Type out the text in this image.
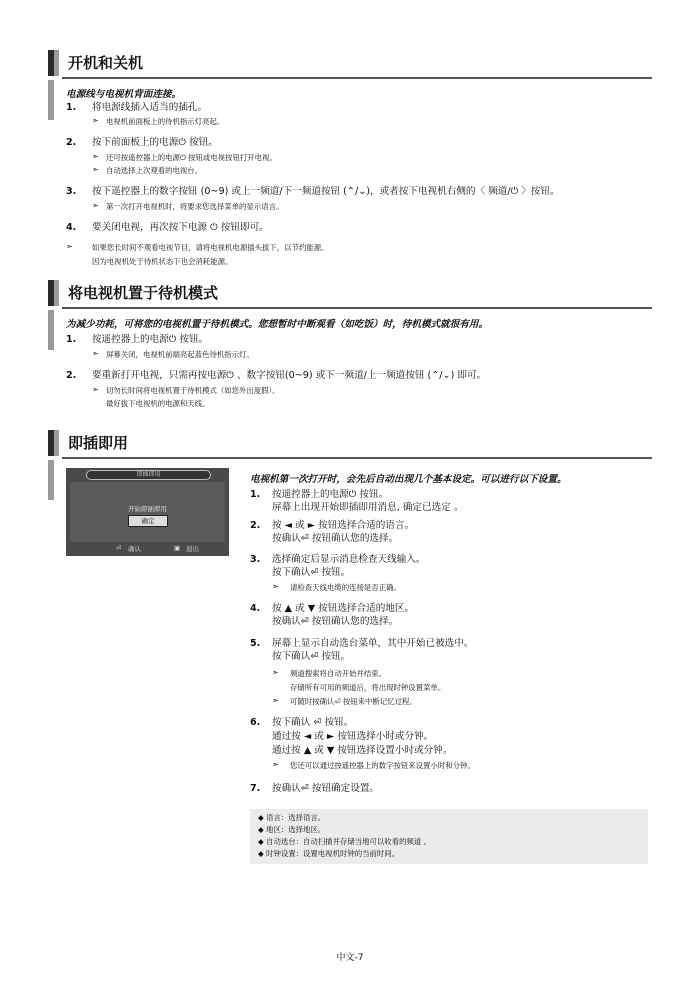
开机和关机
电源线与电视机背面连接。
1. 将电源线插入适当的插孔。
➣ 电视机前面板上的待机指示灯亮起。
2. 按下前面板上的电源⏻ 按钮。
➣ 还可按遥控器上的电源⏻ 按钮或电视按钮打开电视。
➣ 自动选择上次观看的电视台。
3. 按下遥控器上的数字按钮 (0~9) 或上一频道/下一频道按钮 (⌃/⌄)，或者按下电视机右侧的〈 频道/⏻ 〉按钮。
➣ 第一次打开电视机时，将要求您选择菜单的显示语言。
4. 要关闭电视，再次按下电源 ⏻ 按钮即可。
➣	如果您长时间不观看电视节目，请将电视机电源插头拔下，以节约能源。
因为电视机处于待机状态下也会消耗能源。
将电视机置于待机模式
为减少功耗，可将您的电视机置于待机模式。您想暂时中断观看（如吃饭）时，待机模式就很有用。
1. 按遥控器上的电源⏻ 按钮。
➣ 屏幕关闭，电视机前端亮起蓝色待机指示灯。
2. 要重新打开电视，只需再按电源⏻ 、数字按钮(0~9) 或下一频道/上一频道按钮 (⌃/⌄) 即可。
➣ 切勿长时间将电视机置于待机模式（如您外出度假）。
最好拔下电视机的电源和天线。
即插即用
即插即用
开始即插即用
确定
⏎ 确认	▣ 退出
电视机第一次打开时，会先后自动出现几个基本设定。可以进行以下设置。
1. 按遥控器上的电源⏻ 按钮。
屏幕上出现开始即插即用消息, 确定已选定 。
2. 按 ◄ 或 ► 按钮选择合适的语言。
按确认⏎ 按钮确认您的选择。
3. 选择确定后显示消息检查天线输入。
按下确认⏎ 按钮。
➣ 请检查天线电缆的连接是否正确。
4. 按 ▲ 或 ▼ 按钮选择合适的地区。
按确认⏎ 按钮确认您的选择。
5. 屏幕上显示自动选台菜单，其中开始已被选中。
按下确认⏎ 按钮。
➣ 频道搜索将自动开始并结束。
存储所有可用的频道后，将出现时钟设置菜单。
➣ 可随时按确认⏎ 按钮来中断记忆过程。
6. 按下确认 ⏎ 按钮。
通过按 ◄ 或 ► 按钮选择小时或分钟。
通过按 ▲ 或 ▼ 按钮选择设置小时或分钟。
➣ 您还可以通过按遥控器上的数字按钮来设置小时和分钟。
7. 按确认⏎ 按钮确定设置。
◆ 语言：选择语言。
◆ 地区：选择地区。
◆ 自动选台：自动扫描并存储当地可以收看的频道 。
◆ 时钟设置：设置电视机时钟的当前时间。
中文-7
